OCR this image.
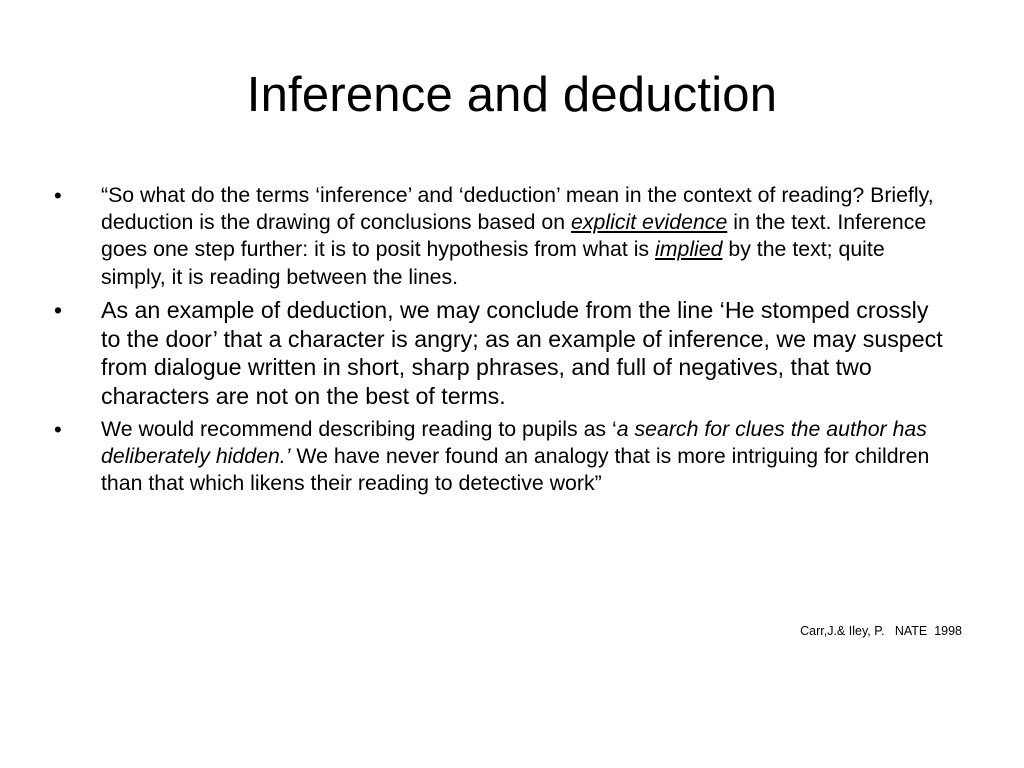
Inference and deduction
• “So what do the terms ‘inference’ and ‘deduction’ mean in the context of reading? Briefly, deduction is the drawing of conclusions based on explicit evidence in the text. Inference goes one step further: it is to posit hypothesis from what is implied by the text; quite simply, it is reading between the lines.
• As an example of deduction, we may conclude from the line ‘He stomped crossly to the door’ that a character is angry; as an example of inference, we may suspect from dialogue written in short, sharp phrases, and full of negatives, that two characters are not on the best of terms.
• We would recommend describing reading to pupils as ‘a search for clues the author has deliberately hidden.’ We have never found an analogy that is more intriguing for children than that which likens their reading to detective work”
Carr,J.& Iley, P.   NATE  1998
